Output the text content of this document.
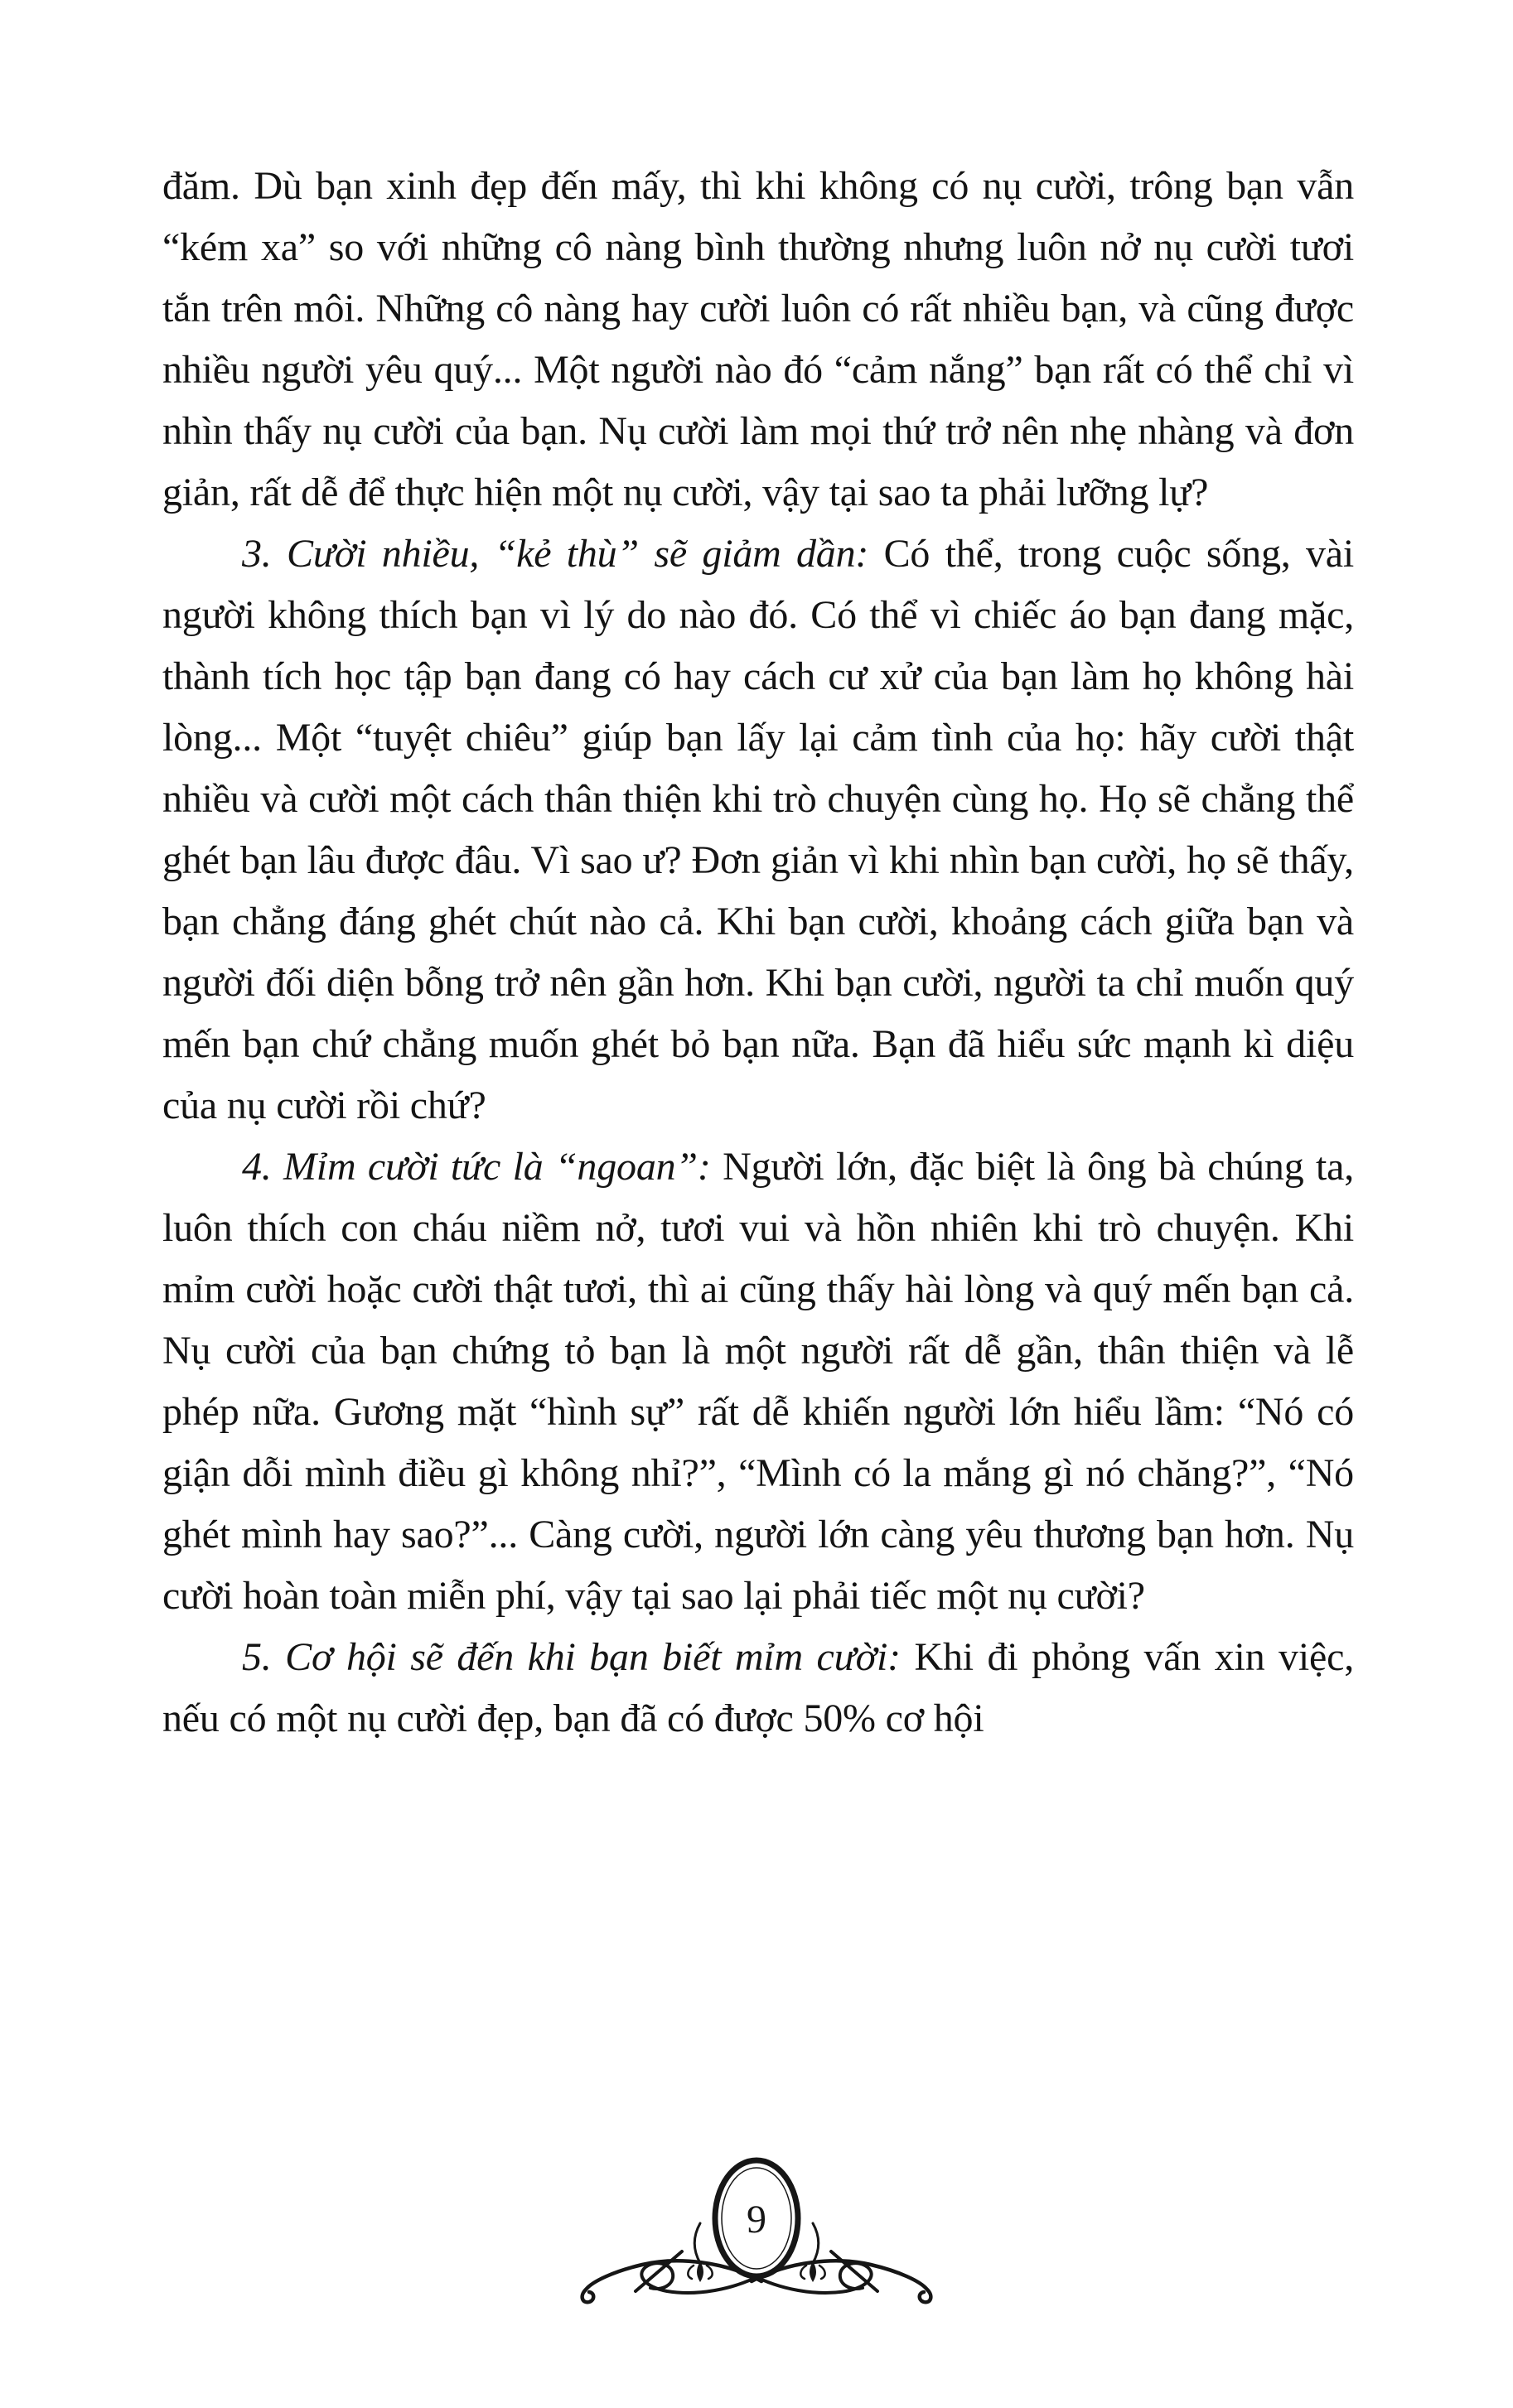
đăm. Dù bạn xinh đẹp đến mấy, thì khi không có nụ cười, trông bạn vẫn “kém xa” so với những cô nàng bình thường nhưng luôn nở nụ cười tươi tắn trên môi. Những cô nàng hay cười luôn có rất nhiều bạn, và cũng được nhiều người yêu quý... Một người nào đó “cảm nắng” bạn rất có thể chỉ vì nhìn thấy nụ cười của bạn. Nụ cười làm mọi thứ trở nên nhẹ nhàng và đơn giản, rất dễ để thực hiện một nụ cười, vậy tại sao ta phải lưỡng lự?

3. Cười nhiều, “kẻ thù” sẽ giảm dần: Có thể, trong cuộc sống, vài người không thích bạn vì lý do nào đó. Có thể vì chiếc áo bạn đang mặc, thành tích học tập bạn đang có hay cách cư xử của bạn làm họ không hài lòng... Một “tuyệt chiêu” giúp bạn lấy lại cảm tình của họ: hãy cười thật nhiều và cười một cách thân thiện khi trò chuyện cùng họ. Họ sẽ chẳng thể ghét bạn lâu được đâu. Vì sao ư? Đơn giản vì khi nhìn bạn cười, họ sẽ thấy, bạn chẳng đáng ghét chút nào cả. Khi bạn cười, khoảng cách giữa bạn và người đối diện bỗng trở nên gần hơn. Khi bạn cười, người ta chỉ muốn quý mến bạn chứ chẳng muốn ghét bỏ bạn nữa. Bạn đã hiểu sức mạnh kì diệu của nụ cười rồi chứ?

4. Mỉm cười tức là “ngoan”: Người lớn, đặc biệt là ông bà chúng ta, luôn thích con cháu niềm nở, tươi vui và hồn nhiên khi trò chuyện. Khi mỉm cười hoặc cười thật tươi, thì ai cũng thấy hài lòng và quý mến bạn cả. Nụ cười của bạn chứng tỏ bạn là một người rất dễ gần, thân thiện và lễ phép nữa. Gương mặt “hình sự” rất dễ khiến người lớn hiểu lầm: “Nó có giận dỗi mình điều gì không nhỉ?”, “Mình có la mắng gì nó chăng?”, “Nó ghét mình hay sao?”... Càng cười, người lớn càng yêu thương bạn hơn. Nụ cười hoàn toàn miễn phí, vậy tại sao lại phải tiếc một nụ cười?

5. Cơ hội sẽ đến khi bạn biết mỉm cười: Khi đi phỏng vấn xin việc, nếu có một nụ cười đẹp, bạn đã có được 50% cơ hội

9
